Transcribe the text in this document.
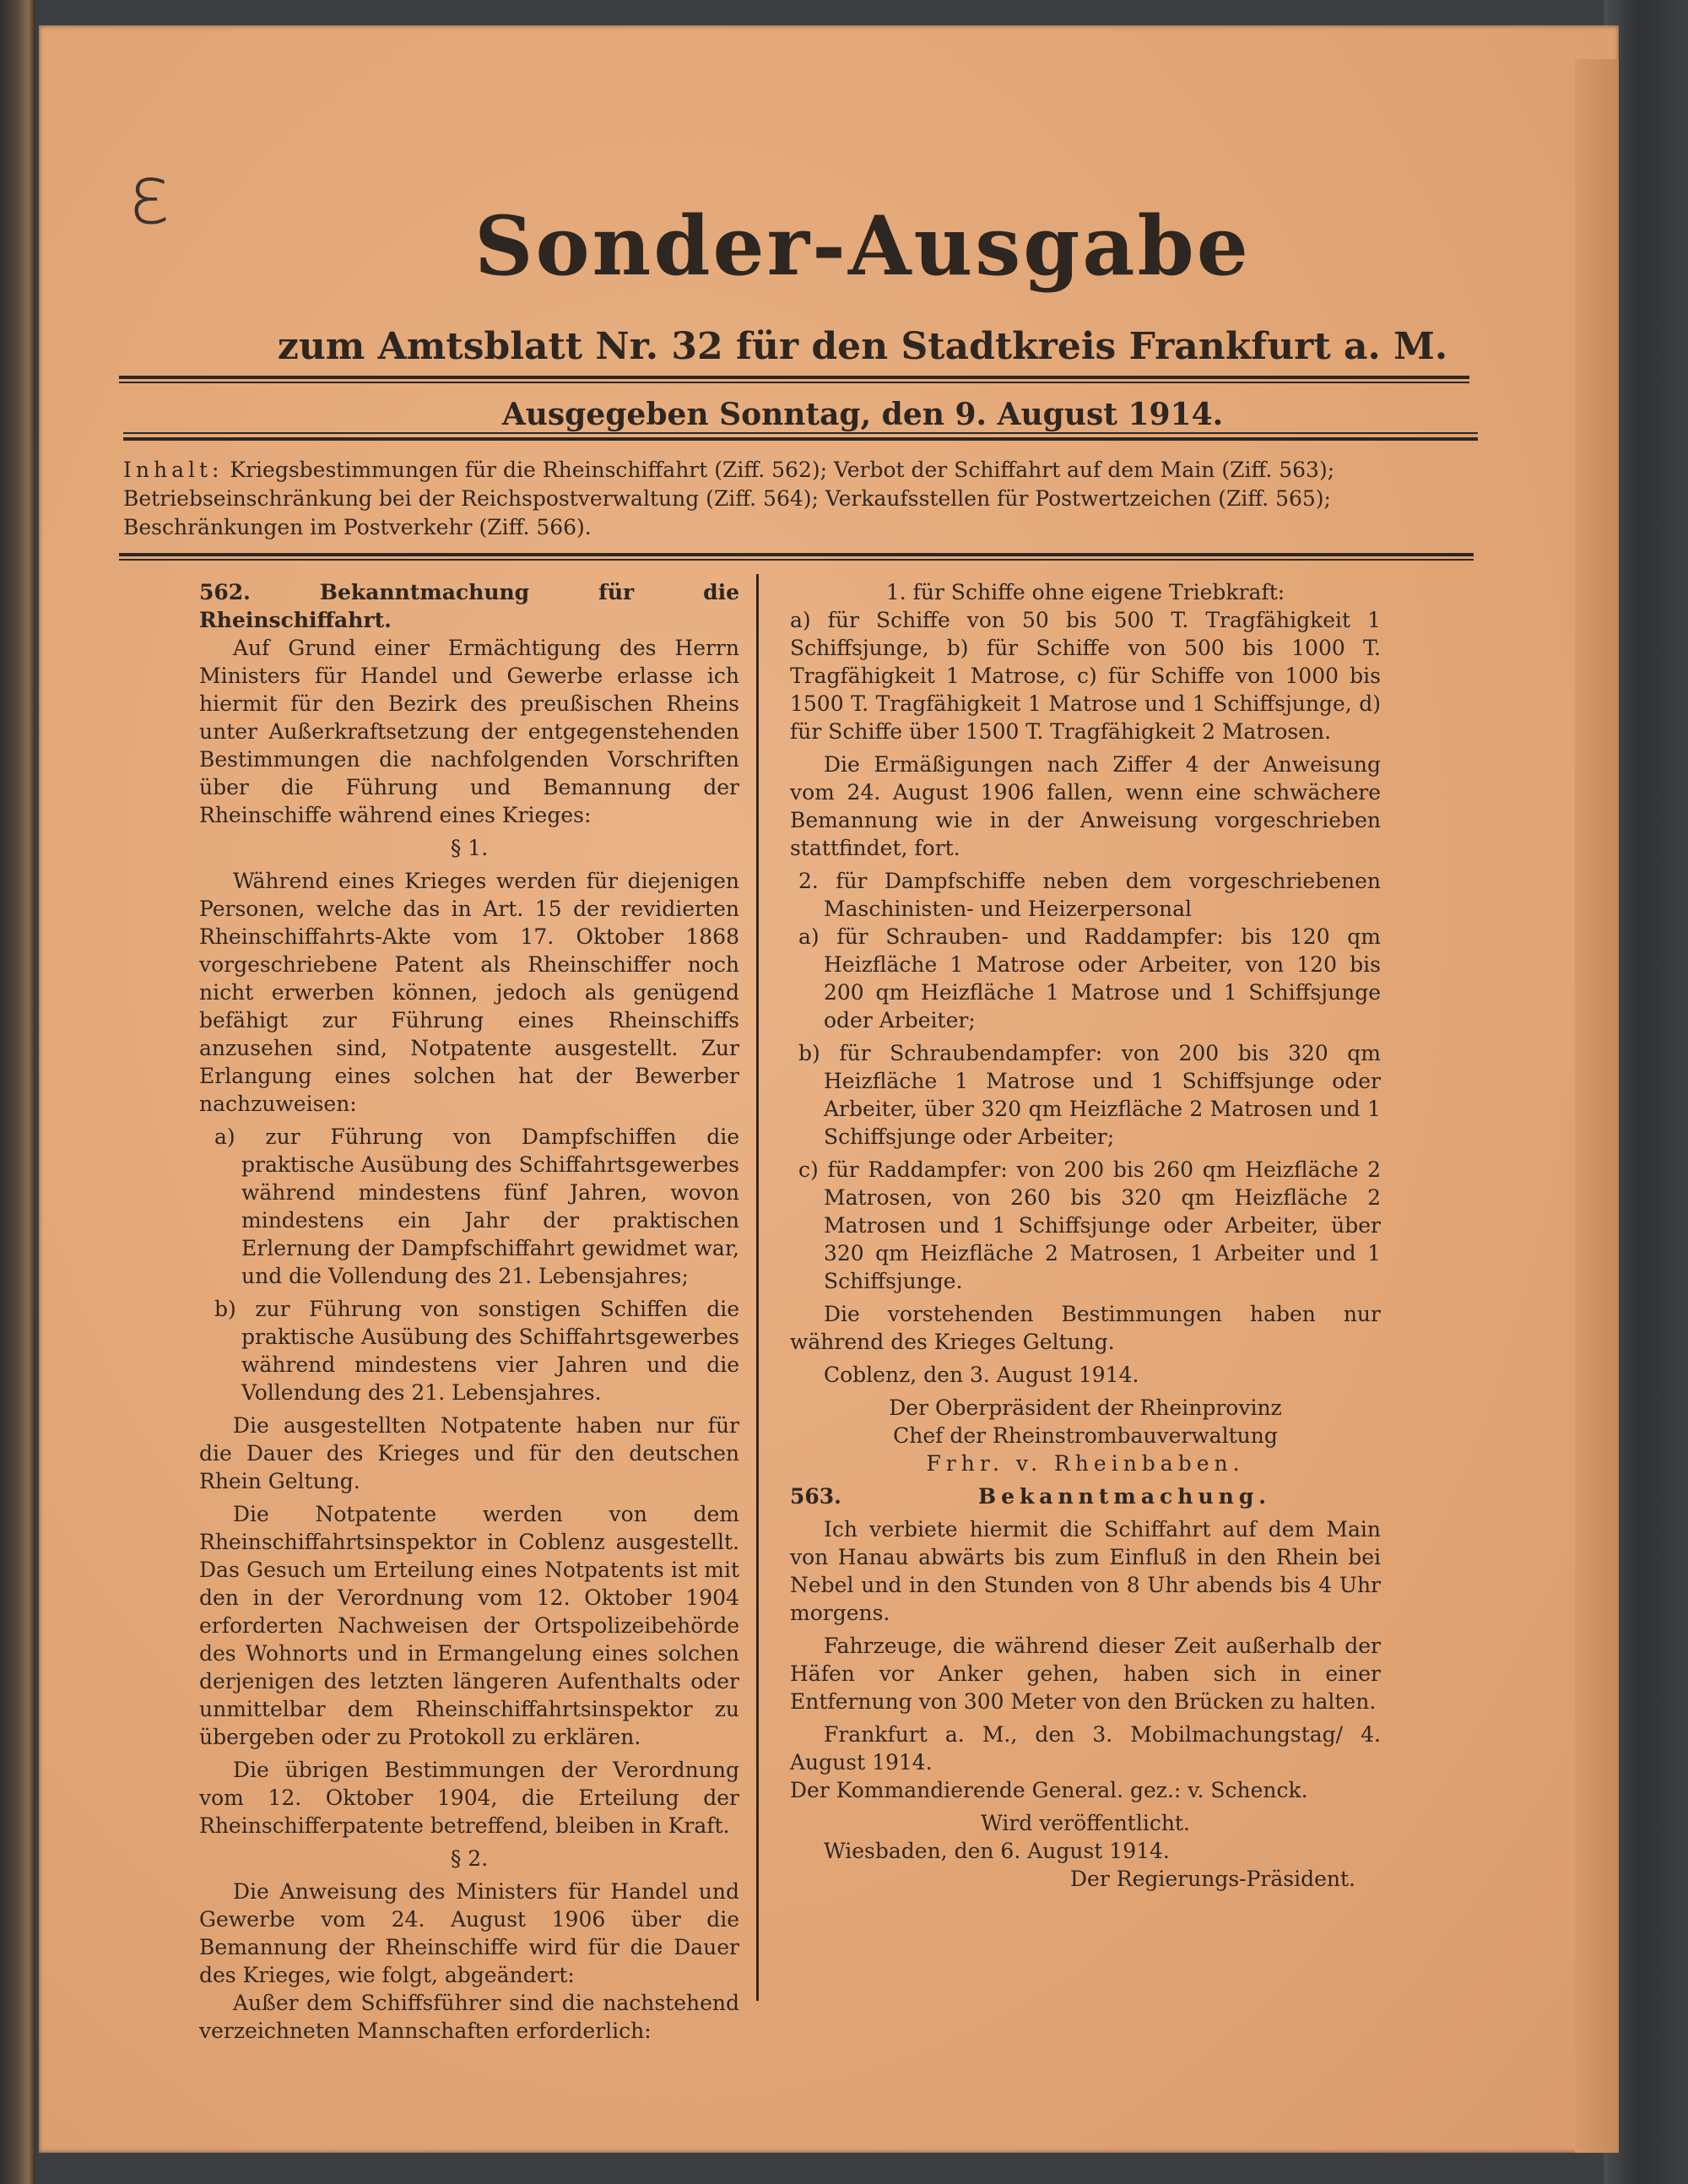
ε
Sonder-Ausgabe
zum Amtsblatt Nr. 32 für den Stadtkreis Frankfurt a. M.
Ausgegeben Sonntag, den 9. August 1914.
Inhalt: Kriegsbestimmungen für die Rheinschiffahrt (Ziff. 562); Verbot der Schiffahrt auf dem Main (Ziff. 563); Betriebseinschränkung bei der Reichspostverwaltung (Ziff. 564); Verkaufsstellen für Postwertzeichen (Ziff. 565); Beschränkungen im Postverkehr (Ziff. 566).

562. Bekanntmachung für die Rheinschiffahrt.

Auf Grund einer Ermächtigung des Herrn Ministers für Handel und Gewerbe erlasse ich hiermit für den Bezirk des preußischen Rheins unter Außerkraftsetzung der entgegenstehenden Bestimmungen die nachfolgenden Vorschriften über die Führung und Bemannung der Rheinschiffe während eines Krieges:

§ 1.

Während eines Krieges werden für diejenigen Personen, welche das in Art. 15 der revidierten Rheinschiffahrts-Akte vom 17. Oktober 1868 vorgeschriebene Patent als Rheinschiffer noch nicht erwerben können, jedoch als genügend befähigt zur Führung eines Rheinschiffs anzusehen sind, Notpatente ausgestellt. Zur Erlangung eines solchen hat der Bewerber nachzuweisen:

a) zur Führung von Dampfschiffen die praktische Ausübung des Schiffahrtsgewerbes während mindestens fünf Jahren, wovon mindestens ein Jahr der praktischen Erlernung der Dampfschiffahrt gewidmet war, und die Vollendung des 21. Lebensjahres;

b) zur Führung von sonstigen Schiffen die praktische Ausübung des Schiffahrtsgewerbes während mindestens vier Jahren und die Vollendung des 21. Lebensjahres.

Die ausgestellten Notpatente haben nur für die Dauer des Krieges und für den deutschen Rhein Geltung.

Die Notpatente werden von dem Rheinschiffahrtsinspektor in Coblenz ausgestellt. Das Gesuch um Erteilung eines Notpatents ist mit den in der Verordnung vom 12. Oktober 1904 erforderten Nachweisen der Ortspolizeibehörde des Wohnorts und in Ermangelung eines solchen derjenigen des letzten längeren Aufenthalts oder unmittelbar dem Rheinschiffahrtsinspektor zu übergeben oder zu Protokoll zu erklären.

Die übrigen Bestimmungen der Verordnung vom 12. Oktober 1904, die Erteilung der Rheinschifferpatente betreffend, bleiben in Kraft.

§ 2.

Die Anweisung des Ministers für Handel und Gewerbe vom 24. August 1906 über die Bemannung der Rheinschiffe wird für die Dauer des Krieges, wie folgt, abgeändert:

Außer dem Schiffsführer sind die nachstehend verzeichneten Mannschaften erforderlich:

1. für Schiffe ohne eigene Triebkraft:

a) für Schiffe von 50 bis 500 T. Tragfähigkeit 1 Schiffsjunge, b) für Schiffe von 500 bis 1000 T. Tragfähigkeit 1 Matrose, c) für Schiffe von 1000 bis 1500 T. Tragfähigkeit 1 Matrose und 1 Schiffsjunge, d) für Schiffe über 1500 T. Tragfähigkeit 2 Matrosen.

Die Ermäßigungen nach Ziffer 4 der Anweisung vom 24. August 1906 fallen, wenn eine schwächere Bemannung wie in der Anweisung vorgeschrieben stattfindet, fort.

2. für Dampfschiffe neben dem vorgeschriebenen Maschinisten- und Heizerpersonal

a) für Schrauben- und Raddampfer: bis 120 qm Heizfläche 1 Matrose oder Arbeiter, von 120 bis 200 qm Heizfläche 1 Matrose und 1 Schiffsjunge oder Arbeiter;

b) für Schraubendampfer: von 200 bis 320 qm Heizfläche 1 Matrose und 1 Schiffsjunge oder Arbeiter, über 320 qm Heizfläche 2 Matrosen und 1 Schiffsjunge oder Arbeiter;

c) für Raddampfer: von 200 bis 260 qm Heizfläche 2 Matrosen, von 260 bis 320 qm Heizfläche 2 Matrosen und 1 Schiffsjunge oder Arbeiter, über 320 qm Heizfläche 2 Matrosen, 1 Arbeiter und 1 Schiffsjunge.

Die vorstehenden Bestimmungen haben nur während des Krieges Geltung.

Coblenz, den 3. August 1914.

Der Oberpräsident der Rheinprovinz

Chef der Rheinstrombauverwaltung

Frhr. v. Rheinbaben.

563.	Bekanntmachung.

Ich verbiete hiermit die Schiffahrt auf dem Main von Hanau abwärts bis zum Einfluß in den Rhein bei Nebel und in den Stunden von 8 Uhr abends bis 4 Uhr morgens.

Fahrzeuge, die während dieser Zeit außerhalb der Häfen vor Anker gehen, haben sich in einer Entfernung von 300 Meter von den Brücken zu halten.

Frankfurt a. M., den 3. Mobilmachungstag/ 4. August 1914.

Der Kommandierende General. gez.: v. Schenck.

Wird veröffentlicht.

Wiesbaden, den 6. August 1914.

Der Regierungs-Präsident.
